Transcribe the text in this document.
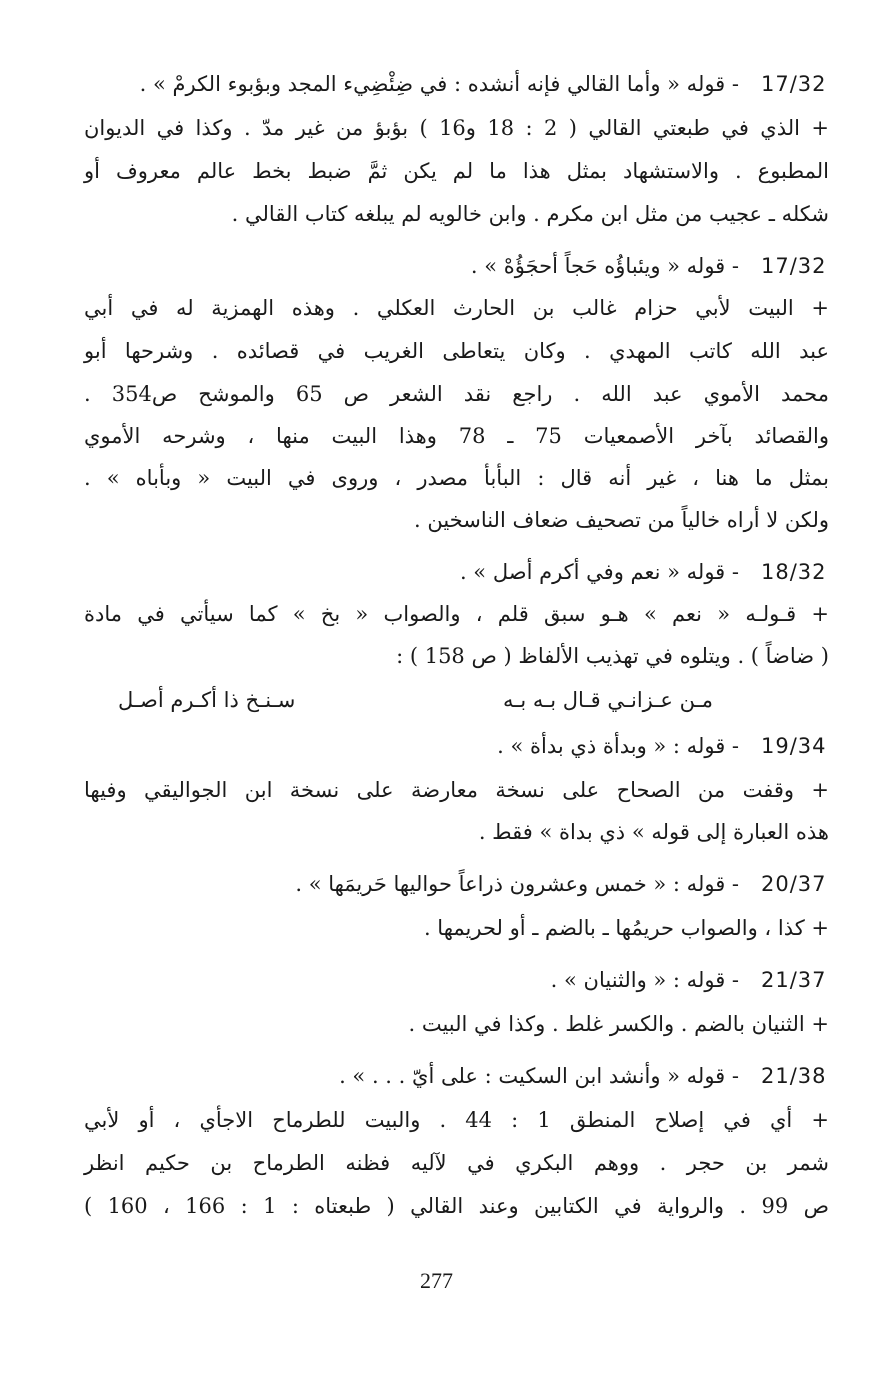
17/32
- قوله « وأما القالي فإنه أنشده : في ضِئْضِيء المجد وبؤبوء الكرمْ » .
+ الذي في طبعتي القالي ( 2 : 18 و16 ) بؤبؤ من غير مدّ . وكذا في الديوان
المطبوع . والاستشهاد بمثل هذا ما لم يكن ثمَّ ضبط بخط عالم معروف أو
شكله ـ عجيب من مثل ابن مكرم . وابن خالويه لم يبلغه كتاب القالي .
17/32
- قوله « ويئباؤُه حَجاً أحجَؤُهْ » .
+ البيت لأبي حزام غالب بن الحارث العكلي . وهذه الهمزية له في أبي
عبد الله كاتب المهدي . وكان يتعاطى الغريب في قصائده . وشرحها أبو
محمد الأموي عبد الله . راجع نقد الشعر ص 65 والموشح ص354 .
والقصائد بآخر الأصمعيات 75 ـ 78 وهذا البيت منها ، وشرحه الأموي
بمثل ما هنا ، غير أنه قال : البأبأ مصدر ، وروى في البيت « وبأباه » .
ولكن لا أراه خالياً من تصحيف ضعاف الناسخين .
18/32
- قوله « نعم وفي أكرم أصل » .
+ قـولـه « نعم » هـو سبق قلم ، والصواب « بخ » كما سيأتي في مادة
( ضاضاً ) . ويتلوه في تهذيب الألفاظ ( ص 158 ) :
مـن عـزانـي قـال بـه بـه
سـنـخ ذا أكـرم أصـل
19/34
- قوله : « وبدأة ذي بدأة » .
+ وقفت من الصحاح على نسخة معارضة على نسخة ابن الجواليقي وفيها
هذه العبارة إلى قوله » ذي بداة » فقط .
20/37
- قوله : « خمس وعشرون ذراعاً حواليها حَريمَها » .
+ كذا ، والصواب حريمُها ـ بالضم ـ أو لحريمها .
21/37
- قوله : « والثنيان » .
+ الثنيان بالضم . والكسر غلط . وكذا في البيت .
21/38
- قوله « وأنشد ابن السكيت : على أيّ . . . » .
+ أي في إصلاح المنطق 1 : 44 . والبيت للطرماح الاجأي ، أو لأبي
شمر بن حجر . ووهم البكري في لآليه فظنه الطرماح بن حكيم انظر
ص 99 . والرواية في الكتابين وعند القالي ( طبعتاه : 1 : 166 ، 160 )
277
